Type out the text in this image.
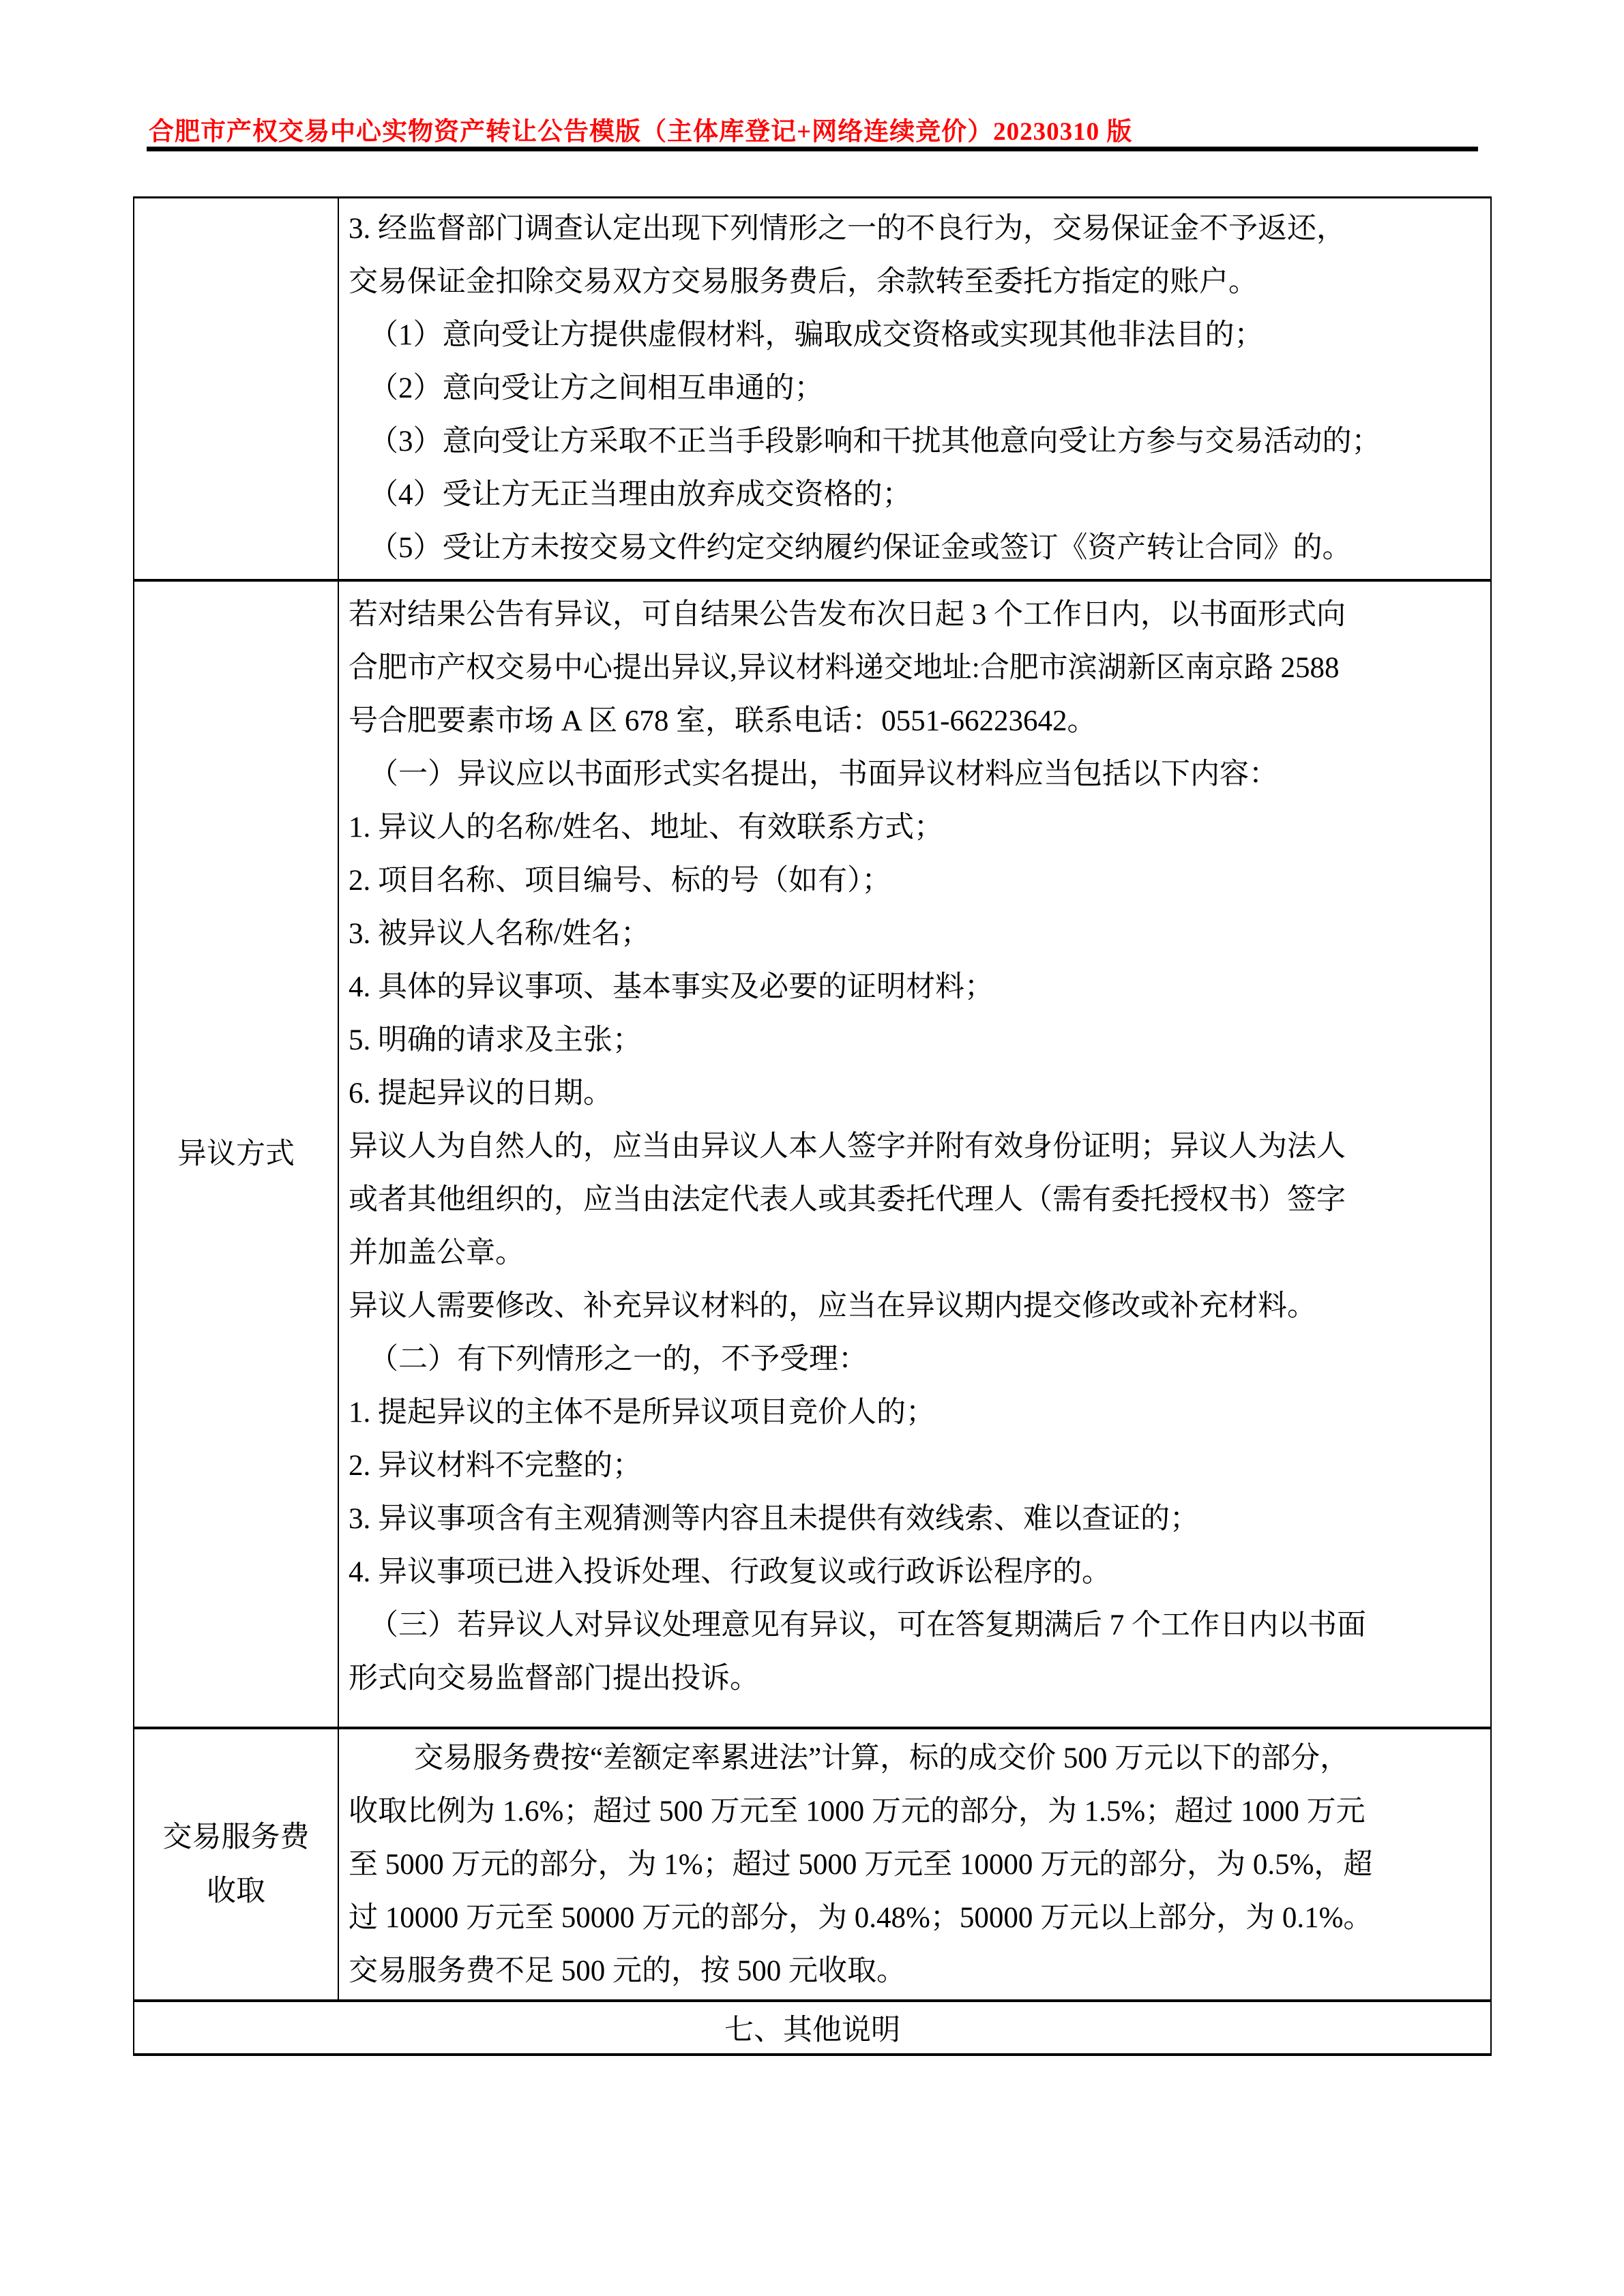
合肥市产权交易中心实物资产转让公告模版（主体库登记+网络连续竞价）20230310 版
3. 经监督部门调查认定出现下列情形之一的不良行为，交易保证金不予返还，
交易保证金扣除交易双方交易服务费后，余款转至委托方指定的账户。
（1）意向受让方提供虚假材料，骗取成交资格或实现其他非法目的；
（2）意向受让方之间相互串通的；
（3）意向受让方采取不正当手段影响和干扰其他意向受让方参与交易活动的；
（4）受让方无正当理由放弃成交资格的；
（5）受让方未按交易文件约定交纳履约保证金或签订《资产转让合同》的。
异议方式
若对结果公告有异议，可自结果公告发布次日起 3 个工作日内，以书面形式向
合肥市产权交易中心提出异议,异议材料递交地址:合肥市滨湖新区南京路 2588
号合肥要素市场 A 区 678 室，联系电话：0551-66223642。
（一）异议应以书面形式实名提出，书面异议材料应当包括以下内容：
1. 异议人的名称/姓名、地址、有效联系方式；
2. 项目名称、项目编号、标的号（如有）；
3. 被异议人名称/姓名；
4. 具体的异议事项、基本事实及必要的证明材料；
5. 明确的请求及主张；
6. 提起异议的日期。
异议人为自然人的，应当由异议人本人签字并附有效身份证明；异议人为法人
或者其他组织的，应当由法定代表人或其委托代理人（需有委托授权书）签字
并加盖公章。
异议人需要修改、补充异议材料的，应当在异议期内提交修改或补充材料。
（二）有下列情形之一的，不予受理：
1. 提起异议的主体不是所异议项目竞价人的；
2. 异议材料不完整的；
3. 异议事项含有主观猜测等内容且未提供有效线索、难以查证的；
4. 异议事项已进入投诉处理、行政复议或行政诉讼程序的。
（三）若异议人对异议处理意见有异议，可在答复期满后 7 个工作日内以书面
形式向交易监督部门提出投诉。
交易服务费
收取
交易服务费按“差额定率累进法”计算，标的成交价 500 万元以下的部分，
收取比例为 1.6%；超过 500 万元至 1000 万元的部分，为 1.5%；超过 1000 万元
至 5000 万元的部分，为 1%；超过 5000 万元至 10000 万元的部分，为 0.5%，超
过 10000 万元至 50000 万元的部分，为 0.48%；50000 万元以上部分，为 0.1%。
交易服务费不足 500 元的，按 500 元收取。
七、其他说明
